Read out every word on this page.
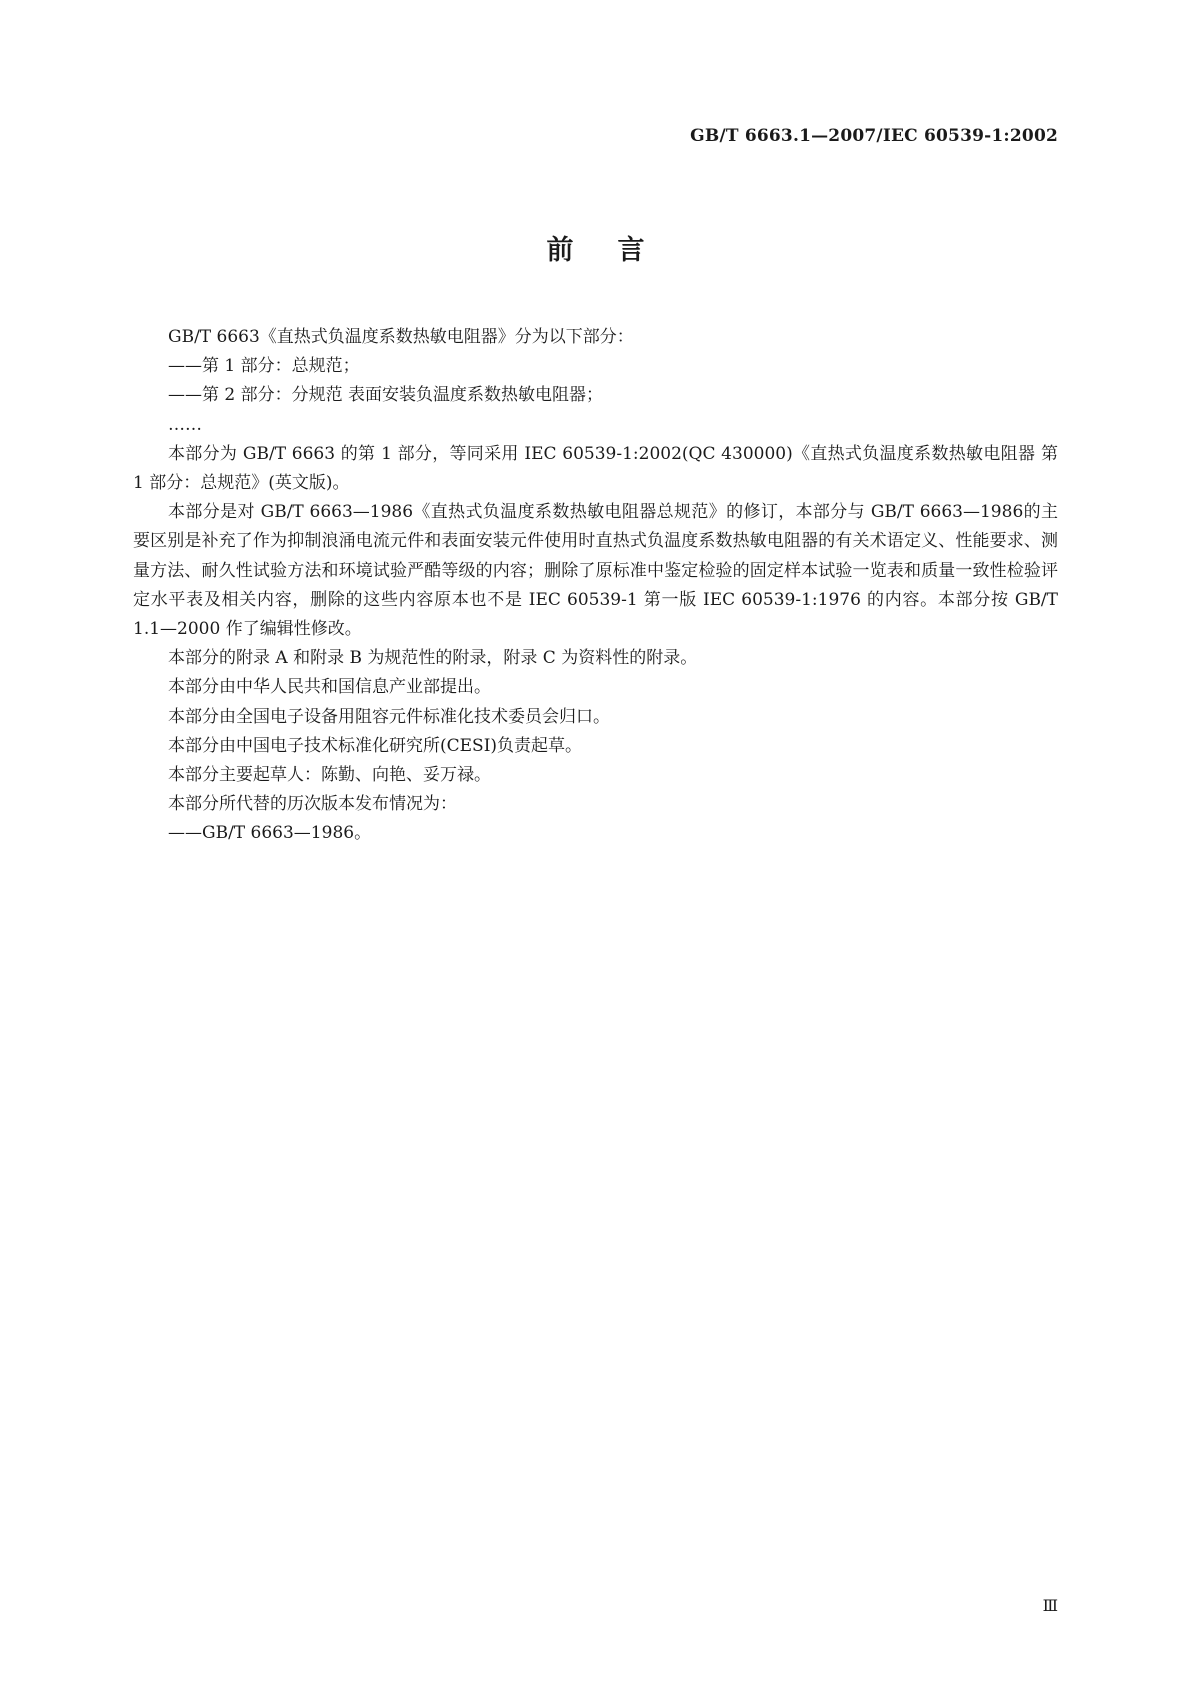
GB/T 6663.1—2007/IEC 60539-1:2002
前言
GB/T 6663《直热式负温度系数热敏电阻器》分为以下部分：
——第 1 部分：总规范；
——第 2 部分：分规范 表面安装负温度系数热敏电阻器；
……
本部分为 GB/T 6663 的第 1 部分，等同采用 IEC 60539-1:2002(QC 430000)《直热式负温度系数热敏电阻器 第 1 部分：总规范》(英文版)。
本部分是对 GB/T 6663—1986《直热式负温度系数热敏电阻器总规范》的修订，本部分与 GB/T 6663—1986的主要区别是补充了作为抑制浪涌电流元件和表面安装元件使用时直热式负温度系数热敏电阻器的有关术语定义、性能要求、测量方法、耐久性试验方法和环境试验严酷等级的内容；删除了原标准中鉴定检验的固定样本试验一览表和质量一致性检验评定水平表及相关内容，删除的这些内容原本也不是 IEC 60539-1 第一版 IEC 60539-1:1976 的内容。本部分按 GB/T 1.1—2000 作了编辑性修改。
本部分的附录 A 和附录 B 为规范性的附录，附录 C 为资料性的附录。
本部分由中华人民共和国信息产业部提出。
本部分由全国电子设备用阻容元件标准化技术委员会归口。
本部分由中国电子技术标准化研究所(CESI)负责起草。
本部分主要起草人：陈勤、向艳、妥万禄。
本部分所代替的历次版本发布情况为：
——GB/T 6663—1986。
Ⅲ
